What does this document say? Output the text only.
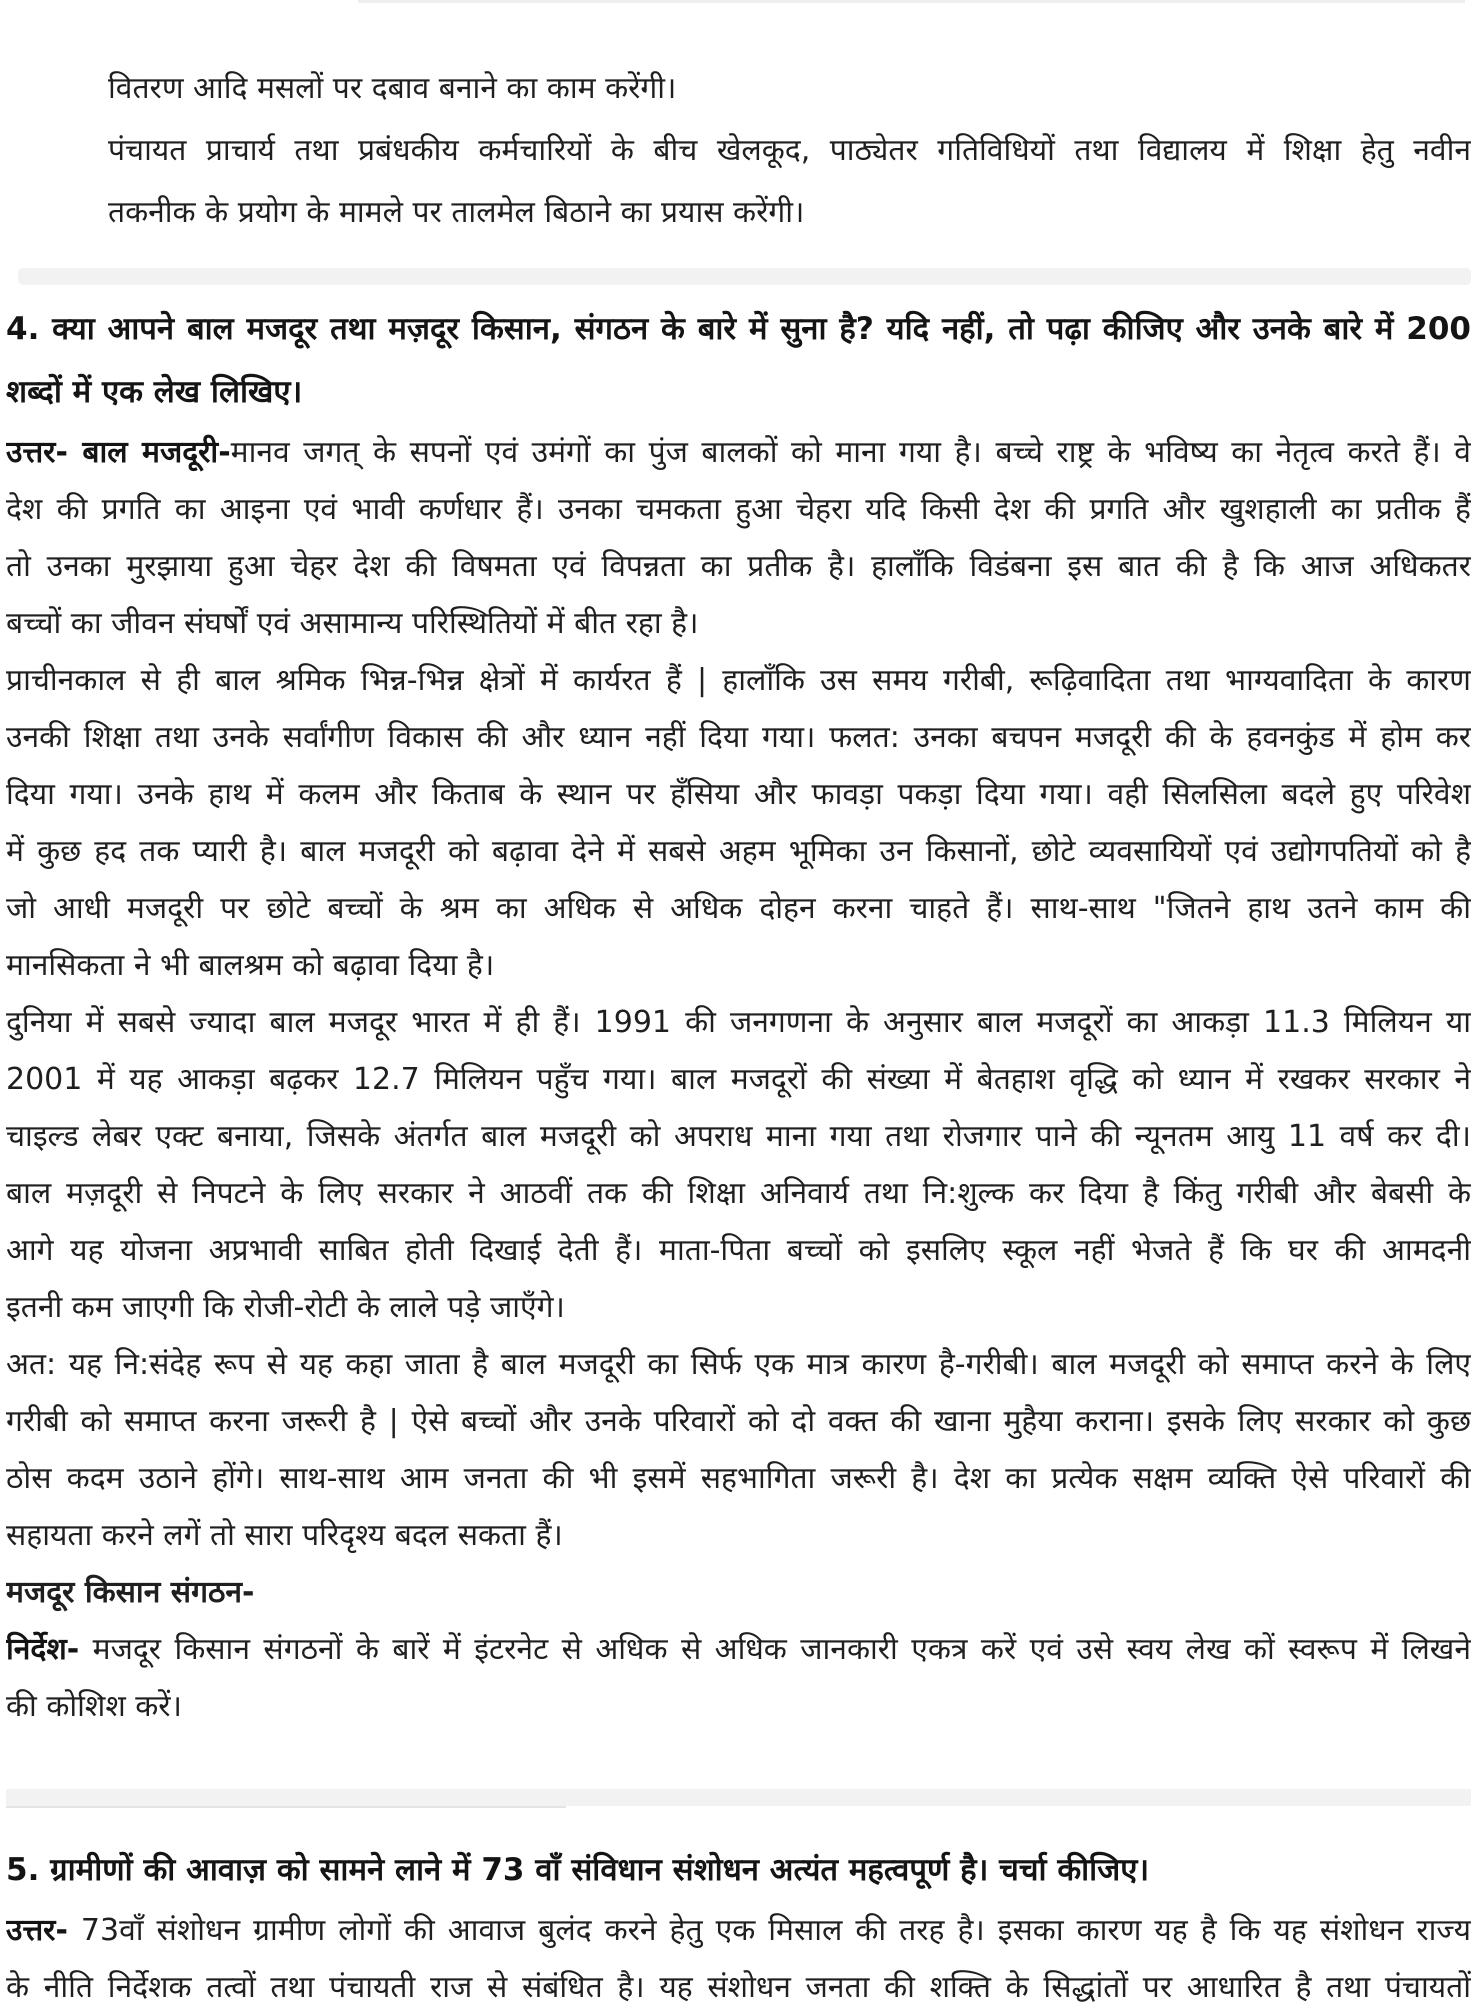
वितरण आदि मसलों पर दबाव बनाने का काम करेंगी।
पंचायत प्राचार्य तथा प्रबंधकीय कर्मचारियों के बीच खेलकूद, पाठ्येतर गतिविधियों तथा विद्यालय में शिक्षा हेतु नवीन
तकनीक के प्रयोग के मामले पर तालमेल बिठाने का प्रयास करेंगी।
4. क्या आपने बाल मजदूर तथा मज़दूर किसान, संगठन के बारे में सुना है? यदि नहीं, तो पढ़ा कीजिए और उनके बारे में 200
शब्दों में एक लेख लिखिए।
उत्तर- बाल मजदूरी-मानव जगत् के सपनों एवं उमंगों का पुंज बालकों को माना गया है। बच्चे राष्ट्र के भविष्य का नेतृत्व करते हैं। वे
देश की प्रगति का आइना एवं भावी कर्णधार हैं। उनका चमकता हुआ चेहरा यदि किसी देश की प्रगति और खुशहाली का प्रतीक हैं
तो उनका मुरझाया हुआ चेहर देश की विषमता एवं विपन्नता का प्रतीक है। हालाँकि विडंबना इस बात की है कि आज अधिकतर
बच्चों का जीवन संघर्षों एवं असामान्य परिस्थितियों में बीत रहा है।
प्राचीनकाल से ही बाल श्रमिक भिन्न-भिन्न क्षेत्रों में कार्यरत हैं | हालाँकि उस समय गरीबी, रूढ़िवादिता तथा भाग्यवादिता के कारण
उनकी शिक्षा तथा उनके सर्वांगीण विकास की और ध्यान नहीं दिया गया। फलत: उनका बचपन मजदूरी की के हवनकुंड में होम कर
दिया गया। उनके हाथ में कलम और किताब के स्थान पर हँसिया और फावड़ा पकड़ा दिया गया। वही सिलसिला बदले हुए परिवेश
में कुछ हद तक प्यारी है। बाल मजदूरी को बढ़ावा देने में सबसे अहम भूमिका उन किसानों, छोटे व्यवसायियों एवं उद्योगपतियों को है
जो आधी मजदूरी पर छोटे बच्चों के श्रम का अधिक से अधिक दोहन करना चाहते हैं। साथ-साथ "जितने हाथ उतने काम की
मानसिकता ने भी बालश्रम को बढ़ावा दिया है।
दुनिया में सबसे ज्यादा बाल मजदूर भारत में ही हैं। 1991 की जनगणना के अनुसार बाल मजदूरों का आकड़ा 11.3 मिलियन या
2001 में यह आकड़ा बढ़कर 12.7 मिलियन पहुँच गया। बाल मजदूरों की संख्या में बेतहाश वृद्धि को ध्यान में रखकर सरकार ने
चाइल्ड लेबर एक्ट बनाया, जिसके अंतर्गत बाल मजदूरी को अपराध माना गया तथा रोजगार पाने की न्यूनतम आयु 11 वर्ष कर दी।
बाल मज़दूरी से निपटने के लिए सरकार ने आठवीं तक की शिक्षा अनिवार्य तथा नि:शुल्क कर दिया है किंतु गरीबी और बेबसी के
आगे यह योजना अप्रभावी साबित होती दिखाई देती हैं। माता-पिता बच्चों को इसलिए स्कूल नहीं भेजते हैं कि घर की आमदनी
इतनी कम जाएगी कि रोजी-रोटी के लाले पड़े जाएँगे।
अत: यह नि:संदेह रूप से यह कहा जाता है बाल मजदूरी का सिर्फ एक मात्र कारण है-गरीबी। बाल मजदूरी को समाप्त करने के लिए
गरीबी को समाप्त करना जरूरी है | ऐसे बच्चों और उनके परिवारों को दो वक्त की खाना मुहैया कराना। इसके लिए सरकार को कुछ
ठोस कदम उठाने होंगे। साथ-साथ आम जनता की भी इसमें सहभागिता जरूरी है। देश का प्रत्येक सक्षम व्यक्ति ऐसे परिवारों की
सहायता करने लगें तो सारा परिदृश्य बदल सकता हैं।
मजदूर किसान संगठन-
निर्देश- मजदूर किसान संगठनों के बारें में इंटरनेट से अधिक से अधिक जानकारी एकत्र करें एवं उसे स्वय लेख कों स्वरूप में लिखने
की कोशिश करें।
5. ग्रामीणों की आवाज़ को सामने लाने में 73 वाँ संविधान संशोधन अत्यंत महत्वपूर्ण है। चर्चा कीजिए।
उत्तर- 73वाँ संशोधन ग्रामीण लोगों की आवाज बुलंद करने हेतु एक मिसाल की तरह है। इसका कारण यह है कि यह संशोधन राज्य
के नीति निर्देशक तत्वों तथा पंचायती राज से संबंधित है। यह संशोधन जनता की शक्ति के सिद्धांतों पर आधारित है तथा पंचायतों
